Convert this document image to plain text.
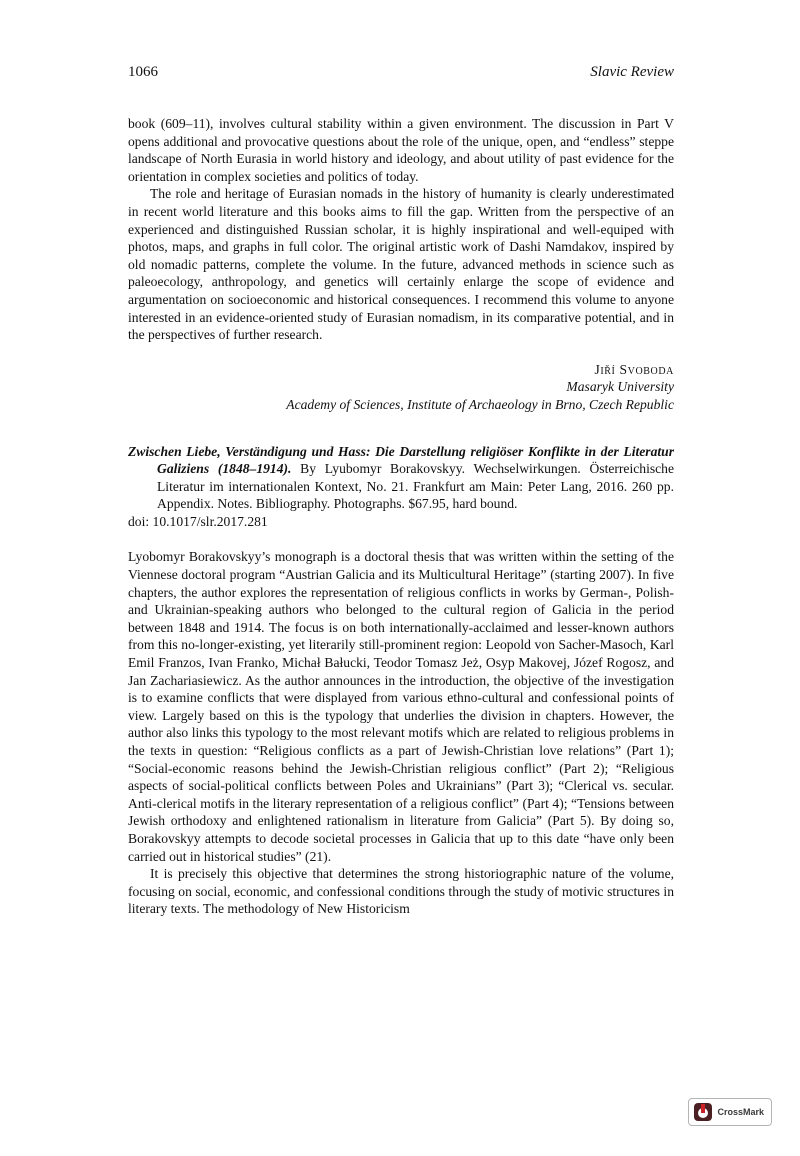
1066	Slavic Review

book (609–11), involves cultural stability within a given environment. The discussion in Part V opens additional and provocative questions about the role of the unique, open, and “endless” steppe landscape of North Eurasia in world history and ideology, and about utility of past evidence for the orientation in complex societies and politics of today.

The role and heritage of Eurasian nomads in the history of humanity is clearly underestimated in recent world literature and this books aims to fill the gap. Written from the perspective of an experienced and distinguished Russian scholar, it is highly inspirational and well-equiped with photos, maps, and graphs in full color. The original artistic work of Dashi Namdakov, inspired by old nomadic patterns, complete the volume. In the future, advanced methods in science such as paleoecology, anthropology, and genetics will certainly enlarge the scope of evidence and argumentation on socioeconomic and historical consequences. I recommend this volume to anyone interested in an evidence-oriented study of Eurasian nomadism, in its comparative potential, and in the perspectives of further research.

Jiří Svoboda
Masaryk University
Academy of Sciences, Institute of Archaeology in Brno, Czech Republic

Zwischen Liebe, Verständigung und Hass: Die Darstellung religiöser Konflikte in der Literatur Galiziens (1848–1914). By Lyubomyr Borakovskyy. Wechselwirkungen. Österreichische Literatur im internationalen Kontext, No. 21. Frankfurt am Main: Peter Lang, 2016. 260 pp. Appendix. Notes. Bibliography. Photographs. $67.95, hard bound.

doi: 10.1017/slr.2017.281

Lyobomyr Borakovskyy’s monograph is a doctoral thesis that was written within the setting of the Viennese doctoral program “Austrian Galicia and its Multicultural Heritage” (starting 2007). In five chapters, the author explores the representation of religious conflicts in works by German-, Polish- and Ukrainian-speaking authors who belonged to the cultural region of Galicia in the period between 1848 and 1914. The focus is on both internationally-acclaimed and lesser-known authors from this no-longer-existing, yet literarily still-prominent region: Leopold von Sacher-Masoch, Karl Emil Franzos, Ivan Franko, Michał Bałucki, Teodor Tomasz Jeż, Osyp Makovej, Józef Rogosz, and Jan Zachariasiewicz. As the author announces in the introduction, the objective of the investigation is to examine conflicts that were displayed from various ethno-cultural and confessional points of view. Largely based on this is the typology that underlies the division in chapters. However, the author also links this typology to the most relevant motifs which are related to religious problems in the texts in question: “Religious conflicts as a part of Jewish-Christian love relations” (Part 1); “Social-economic reasons behind the Jewish-Christian religious conflict” (Part 2); “Religious aspects of social-political conflicts between Poles and Ukrainians” (Part 3); “Clerical vs. secular. Anti-clerical motifs in the literary representation of a religious conflict” (Part 4); “Tensions between Jewish orthodoxy and enlightened rationalism in literature from Galicia” (Part 5). By doing so, Borakovskyy attempts to decode societal processes in Galicia that up to this date “have only been carried out in historical studies” (21).

It is precisely this objective that determines the strong historiographic nature of the volume, focusing on social, economic, and confessional conditions through the study of motivic structures in literary texts. The methodology of New Historicism

CrossMark
